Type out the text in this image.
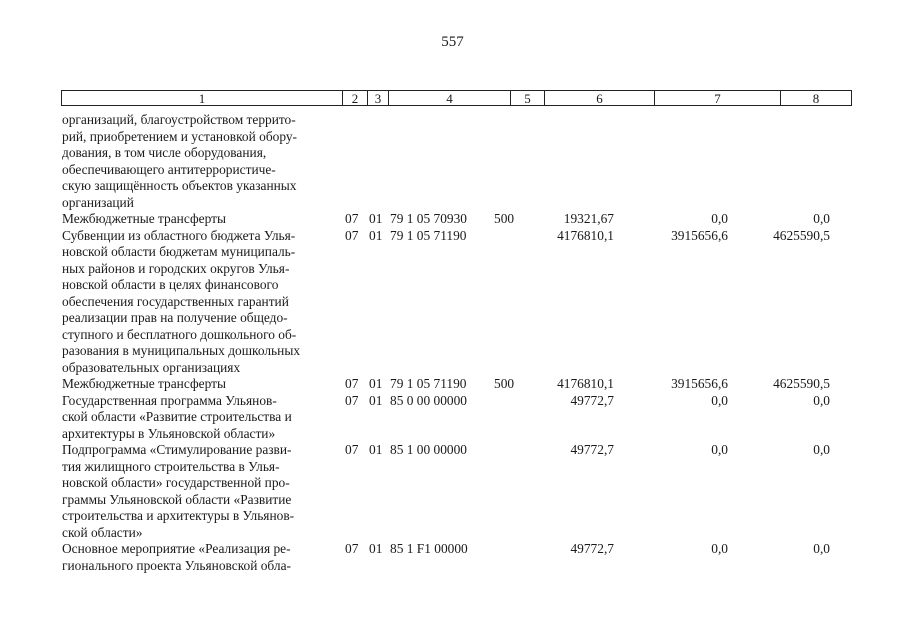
557
1	2	3	4	5	6	7	8
организаций, благоустройством террито-
рий, приобретением и установкой обору-
дования, в том числе оборудования,
обеспечивающего антитеррористиче-
скую защищённость объектов указанных
организаций
Межбюджетные трансферты	07 01 79 1 05 70930 500	19321,67	0,0	0,0
Субвенции из областного бюджета Улья-
новской области бюджетам муниципаль-
ных районов и городских округов Улья-
новской области в целях финансового
обеспечения государственных гарантий
реализации прав на получение общедо-
ступного и бесплатного дошкольного об-
разования в муниципальных дошкольных
образовательных организациях
07 01 79 1 05 71190	4176810,1	3915656,6	4625590,5
Межбюджетные трансферты	07 01 79 1 05 71190 500	4176810,1	3915656,6	4625590,5
Государственная программа Ульянов-
ской области «Развитие строительства и
архитектуры в Ульяновской области»
07 01 85 0 00 00000	49772,7	0,0	0,0
Подпрограмма «Стимулирование разви-
тия жилищного строительства в Улья-
новской области» государственной про-
граммы Ульяновской области «Развитие
строительства и архитектуры в Ульянов-
ской области»
07 01 85 1 00 00000	49772,7	0,0	0,0
Основное мероприятие «Реализация ре-
гионального проекта Ульяновской обла-
07 01 85 1 F1 00000	49772,7	0,0	0,0
